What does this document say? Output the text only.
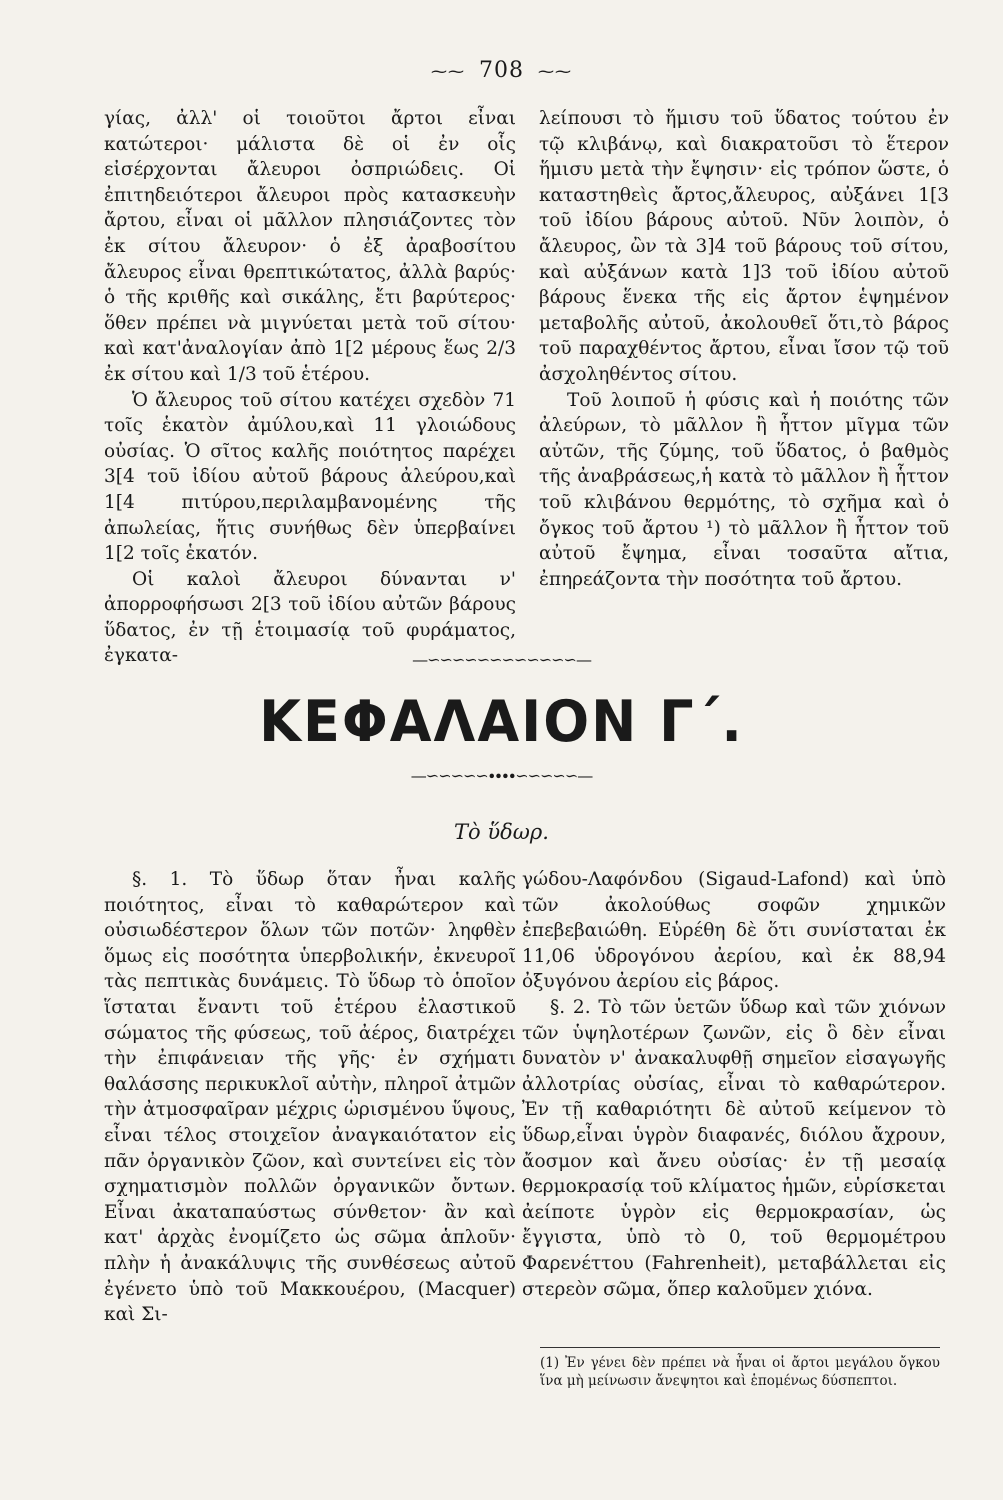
⁓⁓ 708 ⁓⁓

γίας, ἀλλ' οἱ τοιοῦτοι ἄρτοι εἶναι κατώτεροι· μάλιστα δὲ οἱ ἐν οἷς εἰσέρχονται ἄλευροι ὀσπριώδεις. Οἱ ἐπιτηδειότεροι ἄλευροι πρὸς κατασκευὴν ἄρτου, εἶναι οἱ μᾶλλον πλησιάζοντες τὸν ἐκ σίτου ἄλευρον· ὁ ἐξ ἀραβοσίτου ἄλευρος εἶναι θρεπτικώτατος, ἀλλὰ βαρύς· ὁ τῆς κριθῆς καὶ σικάλης, ἔτι βαρύτερος· ὅθεν πρέπει νὰ μιγνύεται μετὰ τοῦ σίτου· καὶ κατ'ἀναλογίαν ἀπὸ 1[2 μέρους ἕως 2/3 ἐκ σίτου καὶ 1/3 τοῦ ἑτέρου.

Ὁ ἄλευρος τοῦ σίτου κατέχει σχεδὸν 71 τοῖς ἑκατὸν ἀμύλου,καὶ 11 γλοιώδους οὐσίας. Ὁ σῖτος καλῆς ποιότητος παρέχει 3[4 τοῦ ἰδίου αὐτοῦ βάρους ἀλεύρου,καὶ 1[4 πιτύρου,περιλαμβανομένης τῆς ἀπωλείας, ἥτις συνήθως δὲν ὑπερβαίνει 1[2 τοῖς ἑκατόν.

Οἱ καλοὶ ἄλευροι δύνανται ν' ἀπορροφήσωσι 2[3 τοῦ ἰδίου αὐτῶν βάρους ὕδατος, ἐν τῇ ἑτοιμασίᾳ τοῦ φυράματος, ἐγκατα-

λείπουσι τὸ ἥμισυ τοῦ ὕδατος τούτου ἐν τῷ κλιβάνῳ, καὶ διακρατοῦσι τὸ ἕτερον ἥμισυ μετὰ τὴν ἔψησιν· εἰς τρόπον ὥστε, ὁ καταστηθεὶς ἄρτος,ἄλευρος, αὐξάνει 1[3 τοῦ ἰδίου βάρους αὐτοῦ. Νῦν λοιπὸν, ὁ ἄλευρος, ὢν τὰ 3]4 τοῦ βάρους τοῦ σίτου, καὶ αὐξάνων κατὰ 1]3 τοῦ ἰδίου αὐτοῦ βάρους ἕνεκα τῆς εἰς ἄρτον ἑψημένον μεταβολῆς αὐτοῦ, ἀκολουθεῖ ὅτι,τὸ βάρος τοῦ παραχθέντος ἄρτου, εἶναι ἴσον τῷ τοῦ ἀσχοληθέντος σίτου.

Τοῦ λοιποῦ ἡ φύσις καὶ ἡ ποιότης τῶν ἀλεύρων, τὸ μᾶλλον ἢ ἧττον μῖγμα τῶν αὐτῶν, τῆς ζύμης, τοῦ ὕδατος, ὁ βαθμὸς τῆς ἀναβράσεως,ἡ κατὰ τὸ μᾶλλον ἢ ἧττον τοῦ κλιβάνου θερμότης, τὸ σχῆμα καὶ ὁ ὄγκος τοῦ ἄρτου ¹) τὸ μᾶλλον ἢ ἧττον τοῦ αὐτοῦ ἔψημα, εἶναι τοσαῦτα αἴτια, ἐπηρεάζοντα τὴν ποσότητα τοῦ ἄρτου.

—∽∽∽∽∽∽∽∽∽∽∽∽—
ΚΕΦΑΛΑΙΟΝ Γ΄.
—∽∽∽∽∽∙∙∙∙∽∽∽∽∽—
Τὸ ὕδωρ.

§. 1. Τὸ ὕδωρ ὅταν ἦναι καλῆς ποιότητος, εἶναι τὸ καθαρώτερον καὶ οὐσιωδέστερον ὅλων τῶν ποτῶν· ληφθὲν ὅμως εἰς ποσότητα ὑπερβολικήν, ἐκνευροῖ τὰς πεπτικὰς δυνάμεις. Τὸ ὕδωρ τὸ ὁποῖον ἵσταται ἔναντι τοῦ ἑτέρου ἐλαστικοῦ σώματος τῆς φύσεως, τοῦ ἀέρος, διατρέχει τὴν ἐπιφάνειαν τῆς γῆς· ἐν σχήματι θαλάσσης περικυκλοῖ αὐτὴν, πληροῖ ἀτμῶν τὴν ἀτμοσφαῖραν μέχρις ὡρισμένου ὕψους, εἶναι τέλος στοιχεῖον ἀναγκαιότατον εἰς πᾶν ὀργανικὸν ζῶον, καὶ συντείνει εἰς τὸν σχηματισμὸν πολλῶν ὀργανικῶν ὄντων. Εἶναι ἀκαταπαύστως σύνθετον· ἂν καὶ κατ' ἀρχὰς ἐνομίζετο ὡς σῶμα ἁπλοῦν· πλὴν ἡ ἀνακάλυψις τῆς συνθέσεως αὐτοῦ ἐγένετο ὑπὸ τοῦ Μακκουέρου, (Macquer) καὶ Σι-

γώδου-Λαφόνδου (Sigaud-Lafond) καὶ ὑπὸ τῶν ἀκολούθως σοφῶν χημικῶν ἐπεβεβαιώθη. Εὑρέθη δὲ ὅτι συνίσταται ἐκ 11,06 ὑδρογόνου ἀερίου, καὶ ἐκ 88,94 ὀξυγόνου ἀερίου εἰς βάρος.

§. 2. Τὸ τῶν ὑετῶν ὕδωρ καὶ τῶν χιόνων τῶν ὑψηλοτέρων ζωνῶν, εἰς ὃ δὲν εἶναι δυνατὸν ν' ἀνακαλυφθῇ σημεῖον εἰσαγωγῆς ἀλλοτρίας οὐσίας, εἶναι τὸ καθαρώτερον. Ἐν τῇ καθαριότητι δὲ αὐτοῦ κείμενον τὸ ὕδωρ,εἶναι ὑγρὸν διαφανές, διόλου ἄχρουν, ἄοσμον καὶ ἄνευ οὐσίας· ἐν τῇ μεσαίᾳ θερμοκρασίᾳ τοῦ κλίματος ἡμῶν, εὑρίσκεται ἀείποτε ὑγρὸν εἰς θερμοκρασίαν, ὡς ἔγγιστα, ὑπὸ τὸ 0, τοῦ θερμομέτρου Φαρενέττου (Fahrenheit), μεταβάλλεται εἰς στερεὸν σῶμα, ὅπερ καλοῦμεν χιόνα.

(1) Ἐν γένει δὲν πρέπει νὰ ἦναι οἱ ἄρτοι μεγάλου ὄγκου ἵνα μὴ μείνωσιν ἄνεψητοι καὶ ἑπομένως δύσπεπτοι.
